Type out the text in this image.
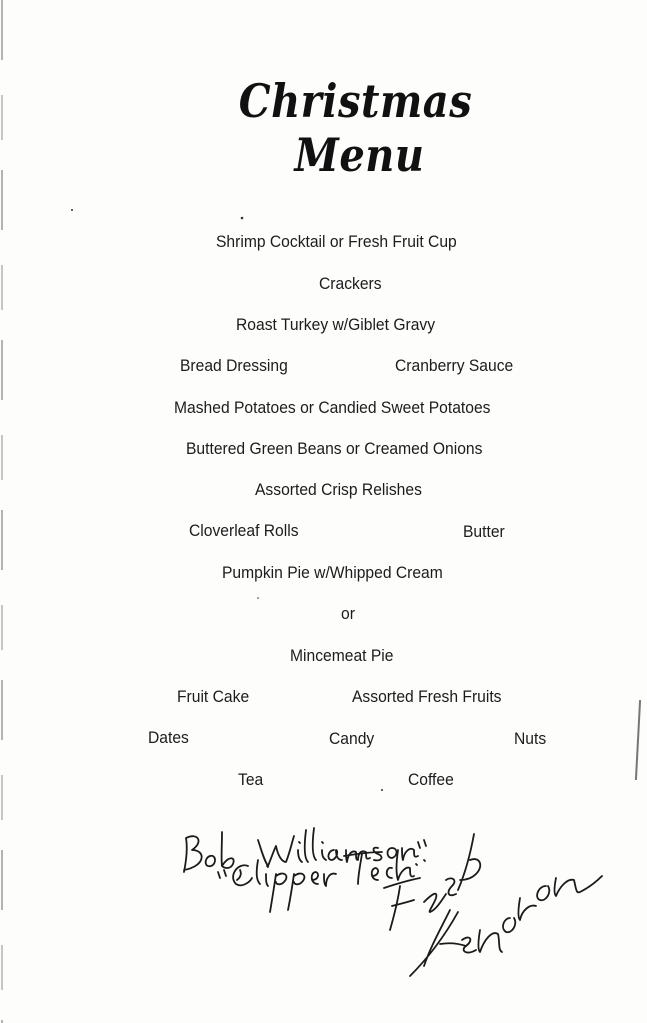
Christmas
Menu
Shrimp Cocktail or Fresh Fruit Cup
Crackers
Roast Turkey w/Giblet Gravy
Bread Dressing	Cranberry Sauce
Mashed Potatoes or Candied Sweet Potatoes
Buttered Green Beans or Creamed Onions
Assorted Crisp Relishes
Cloverleaf Rolls	Butter
Pumpkin Pie w/Whipped Cream
or
Mincemeat Pie
Fruit Cake	Assorted Fresh Fruits
Dates	Candy	Nuts
Tea	Coffee
